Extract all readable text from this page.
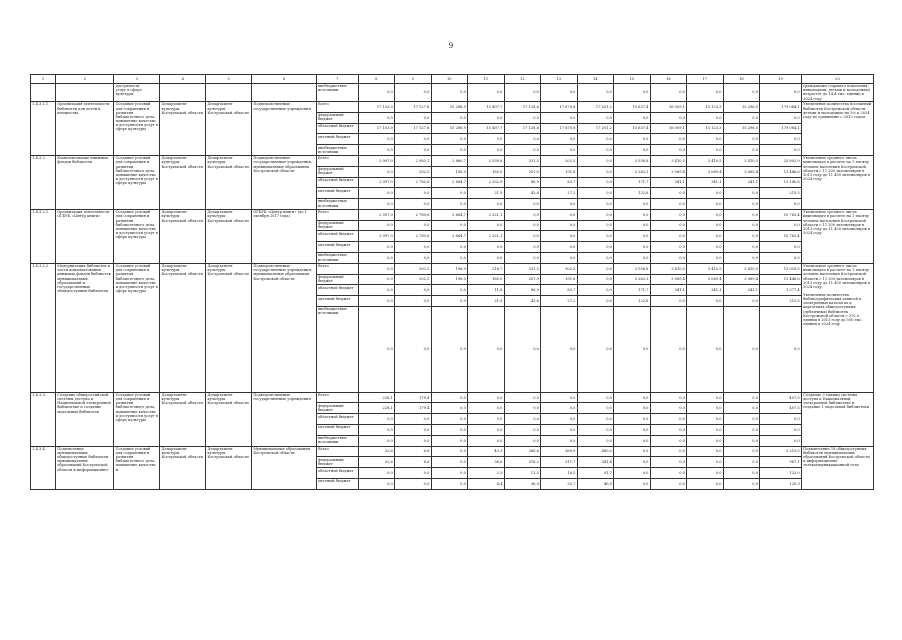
9
1	2	3	4	5	6	7	8	9	10	11	12	13	14	15	16	17	18	19	20
		доступности
услуг в сфере
культуры				внебюджетные источники	0,0	0,0	0,0	0,0	0,0	0,0	0,0	0,0	0,0	0,0	0,0	0,0	гражданами старшего поколения, инвалидами, детьми и молодежью) возрастет до 14,4 тыс. единиц в 2024 году
1.4.3.1.1.	Организация деятельности библиотек для детей и юношества	Создание условий для сохранения и развития библиотечного дела, повышение качества и доступности услуг в сфере культуры	Департамент культуры Костромской области	Департамент культуры Костромской области	Подведомственные государственные учреждения	Всего	17 103,0	17 127,8	15 288,9	15 497,7	17 128,6	17 670,6	17 201,2	15 637,4	16 009,1	15 123,3	15 296,5	179 084,1	Увеличение количества посещений библиотек Костромской области детьми и молодежью на 5% к 2024 году по сравнению с 2013 годом
						федеральный бюджет	0,0	0,0	0,0	0,0	0,0	0,0	0,0	0,0	0,0	0,0	0,0	0,0	
						областной бюджет	17 103,0	17 127,8	15 288,9	15 497,7	17 128,6	17 670,6	17 201,2	15 637,4	16 009,1	15 123,3	15 296,5	179 084,1	
						местный бюджет	0,0	0,0	0,0	0,0	0,0	0,0	0,0	0,0	0,0	0,0	0,0	0,0	
						внебюджетные источники	0,0	0,0	0,0	0,0	0,0	0,0	0,0	0,0	0,0	0,0	0,0	0,0	
1.4.3.2.	Комплектование книжных фондов библиотек	Создание условий для сохранения и развития библиотечного дела, повышение качества и доступности услуг в сфере культуры	Департамент культуры Костромской области	Департамент культуры Костромской области	Подведомственные государственные учреждения, муниципальные образования Костромской области	Всего	2 997,0	2 983,1	2 860,7	2 539,8	331,5	202,5	0,0	3 556,8	3 410,5	3 410,5	3 410,5	25 802,9	Увеличение среднего числа книговыдач в расчете на 1 тысячу человек населения Костромской области с 11 200 экземпляров в 2013 году до 11 450 экземпляров в 2024 году
						федеральный бюджет	0,0	202,5	196,0	185,0	201,0	191,6	0,0	3 262,3	3 069,4	3 069,4	3 069,4	13 446,6	
						областной бюджет	2 997,0	2 780,6	2 664,7	2 332,9	86,9	83,7	0,0	171,7	341,1	341,1	341,1	12 140,8	
						местный бюджет	0,0	0,0	0,0	21,9	43,6	27,2	0,0	122,8	0,0	0,0	0,0	215,5	
						внебюджетные источники	0,0	0,0	0,0	0,0	0,0	0,0	0,0	0,0	0,0	0,0	0,0	0,0	
1.4.3.2.1.	Организация деятельности ОГБУК «Центр книги»	Создание условий для сохранения и развития библиотечного дела, повышение качества и доступности услуг в сфере культуры	Департамент культуры Костромской области	Департамент культуры Костромской области	ОГБУК «Центр книги» (до 1 октября 2017 года)	Всего	2 997,0	2 780,6	2 664,7	2 321,1	0,0	0,0	0,0	0,0	0,0	0,0	0,0	10 763,4	Увеличение среднего числа книговыдач в расчете на 1 тысячу человек населения Костромской области с 11 200 экземпляров в 2013 году до 11 450 экземпляров в 2024 году
						федеральный бюджет	0,0	0,0	0,0	0,0	0,0	0,0	0,0	0,0	0,0	0,0	0,0	0,0	
						областной бюджет	2 997,0	2 780,6	2 664,7	2 321,1	0,0	0,0	0,0	0,0	0,0	0,0	0,0	10 763,4	
						местный бюджет	0,0	0,0	0,0	0,0	0,0	0,0	0,0	0,0	0,0	0,0	0,0	0,0	
						внебюджетные источники	0,0	0,0	0,0	0,0	0,0	0,0	0,0	0,0	0,0	0,0	0,0	0,0	
1.4.3.2.2.	Модернизация библиотек в части комплектования книжных фондов библиотек муниципальных образований и государственных общедоступных библиотек	Создание условий для сохранения и развития библиотечного дела, повышение качества и доступности услуг в сфере культуры	Департамент культуры Костромской области	Департамент культуры Костромской области	Подведомственные государственные учреждения, муниципальные образования Костромской области	Всего	0,0	202,5	196,0	218,7	331,5	302,5	0,0	3 556,8	3 410,5	3 410,5	3 410,5	15 039,5	Увеличение среднего числа книговыдач в расчете на 1 тысячу человек населения Костромской области с 11 200 экземпляров в 2013 году до 11 450 экземпляров в 2024 году.

Увеличение количества библиографических записей в электронных каталогах и картотеках общедоступных (публичных) библиотек Костромской области с 370,0 единиц в 2013 году до 500 тыс. единиц в 2024 году
						федеральный бюджет	0,0	202,5	196,0	185,0	201,0	191,6	0,0	3 262,3	3 069,4	3 069,4	3 069,4	13 446,6	
						областной бюджет	0,0	0,0	0,0	11,8	86,9	83,7	0,0	171,7	341,1	341,1	341,1	1 377,4	
						местный бюджет	0,0	0,0	0,0	21,9	43,6	27,2	0,0	122,8	0,0	0,0	0,0	215,5	
						внебюджетные источники	0,0	0,0	0,0	0,0	0,0	0,0	0,0	0,0	0,0	0,0	0,0	0,0	
1.4.3.3.	Создание общероссийской системы доступа к Национальной электронной библиотеке и создание модельных библиотек	Создание условий для сохранения и развития библиотечного дела, повышение качества и доступности услуг в сфере культуры	Департамент культуры Костромской области	Департамент культуры Костромской области	Подведомственные государственные учреждения	Всего	228,1	179,4	0,0	0,0	0,0	0,0	0,0	0,0	0,0	0,0	0,0	407,5	Создание 3 единиц системы доступа к Национальной электронной библиотеке и создание 1 модельной библиотеки
						федеральный бюджет	228,1	179,4	0,0	0,0	0,0	0,0	0,0	0,0	0,0	0,0	0,0	407,5	
						областной бюджет	0,0	0,0	0,0	0,0	0,0	0,0	0,0	0,0	0,0	0,0	0,0	0,0	
						местный бюджет	0,0	0,0	0,0	0,0	0,0	0,0	0,0	0,0	0,0	0,0	0,0	0,0	
						внебюджетные источники	0,0	0,0	0,0	0,0	0,0	0,0	0,0	0,0	0,0	0,0	0,0	0,0	
1.4.3.4.	Подключение муниципальных общедоступных библиотек муниципальных образований Костромской области к информационно-	Создание условий для сохранения и развития библиотечного дела, повышение качества и	Департамент культуры Костромской области	Департамент культуры Костромской области	Муниципальные образования Костромской области	Всего	52,6	6,6	0,0	43,3	266,6	369,9	480,0	0,0	0,0	0,0	0,0	1 219,0	Подключение 18 общедоступных библиотек муниципальных образований Костромской области к информационно-телекоммуникационной сети
						федеральный бюджет	52,6	6,6	0,0	36,6	218,2	311,7	341,4	0,0	0,0	0,0	0,0	967,1	
						областной бюджет	0,0	0,0	0,0	2,3	11,5	16,5	91,7	0,0	0,0	0,0	0,0	122,0	
						местный бюджет	0,0	0,0	0,0	4,4	36,9	32,7	46,9	0,0	0,0	0,0	0,0	120,9	
